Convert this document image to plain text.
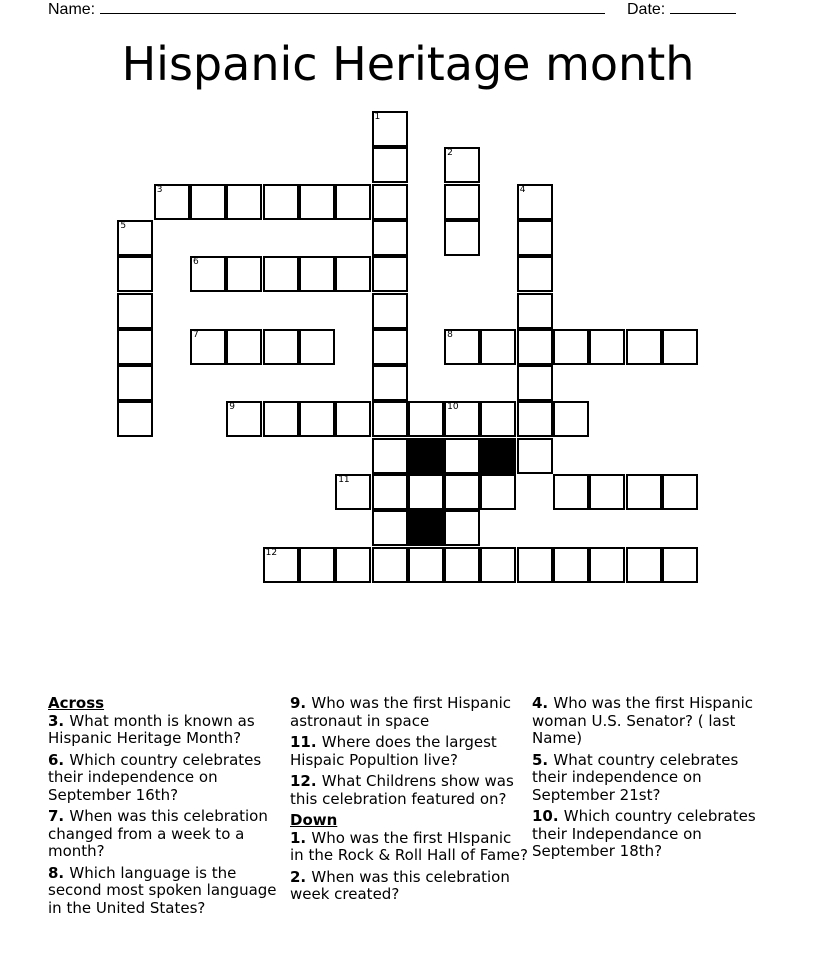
Name:	Date:
Hispanic Heritage month
1
2
3	4
5
6
7	8
9	10
11
12
Across
3. What month is known as Hispanic Heritage Month?
6. Which country celebrates their independence on September 16th?
7. When was this celebration changed from a week to a month?
8. Which language is the second most spoken language in the United States?
9. Who was the first Hispanic astronaut in space
11. Where does the largest Hispaic Popultion live?
12. What Childrens show was this celebration featured on?
Down
1. Who was the first HIspanic in the Rock & Roll Hall of Fame?
2. When was this celebration week created?
4. Who was the first Hispanic woman U.S. Senator? ( last Name)
5. What country celebrates their independence on September 21st?
10. Which country celebrates their Independance on September 18th?
